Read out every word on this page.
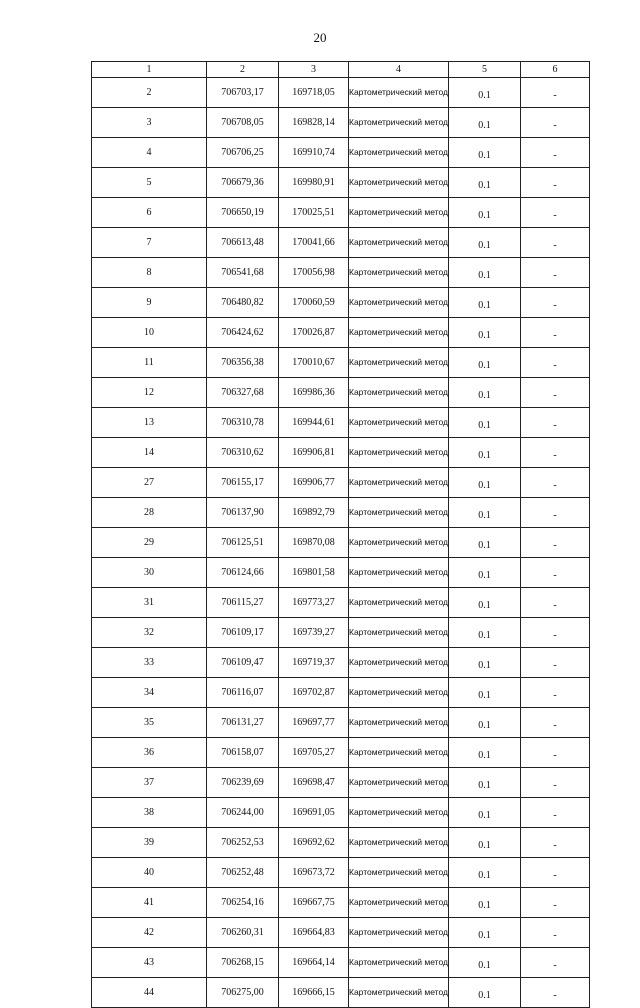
20
1	2	3	4	5	6
2	706703,17	169718,05	Картометрический метод	0.1	-
3	706708,05	169828,14	Картометрический метод	0.1	-
4	706706,25	169910,74	Картометрический метод	0.1	-
5	706679,36	169980,91	Картометрический метод	0.1	-
6	706650,19	170025,51	Картометрический метод	0.1	-
7	706613,48	170041,66	Картометрический метод	0.1	-
8	706541,68	170056,98	Картометрический метод	0.1	-
9	706480,82	170060,59	Картометрический метод	0.1	-
10	706424,62	170026,87	Картометрический метод	0.1	-
11	706356,38	170010,67	Картометрический метод	0.1	-
12	706327,68	169986,36	Картометрический метод	0.1	-
13	706310,78	169944,61	Картометрический метод	0.1	-
14	706310,62	169906,81	Картометрический метод	0.1	-
27	706155,17	169906,77	Картометрический метод	0.1	-
28	706137,90	169892,79	Картометрический метод	0.1	-
29	706125,51	169870,08	Картометрический метод	0.1	-
30	706124,66	169801,58	Картометрический метод	0.1	-
31	706115,27	169773,27	Картометрический метод	0.1	-
32	706109,17	169739,27	Картометрический метод	0.1	-
33	706109,47	169719,37	Картометрический метод	0.1	-
34	706116,07	169702,87	Картометрический метод	0.1	-
35	706131,27	169697,77	Картометрический метод	0.1	-
36	706158,07	169705,27	Картометрический метод	0.1	-
37	706239,69	169698,47	Картометрический метод	0.1	-
38	706244,00	169691,05	Картометрический метод	0.1	-
39	706252,53	169692,62	Картометрический метод	0.1	-
40	706252,48	169673,72	Картометрический метод	0.1	-
41	706254,16	169667,75	Картометрический метод	0.1	-
42	706260,31	169664,83	Картометрический метод	0.1	-
43	706268,15	169664,14	Картометрический метод	0.1	-
44	706275,00	169666,15	Картометрический метод	0.1	-
